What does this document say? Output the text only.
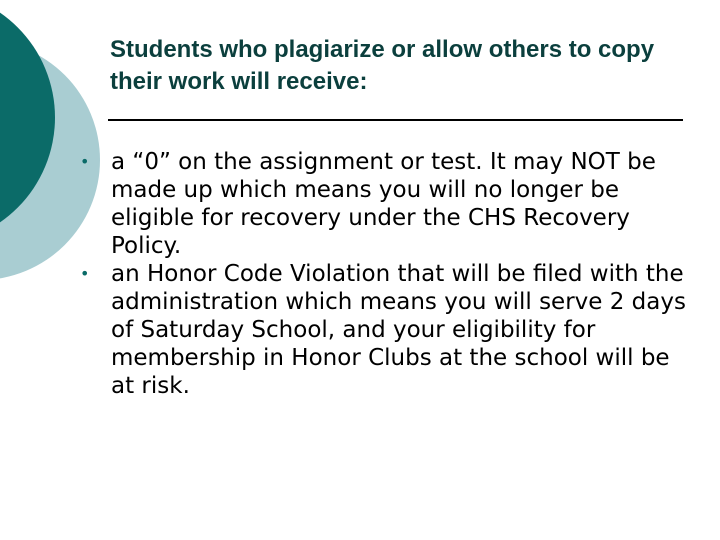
Students who plagiarize or allow others to copy their work will receive:
• a “0” on the assignment or test. It may NOT be made up which means you will no longer be eligible for recovery under the CHS Recovery Policy.
• an Honor Code Violation that will be filed with the administration which means you will serve 2 days of Saturday School, and your eligibility for membership in Honor Clubs at the school will be at risk.
